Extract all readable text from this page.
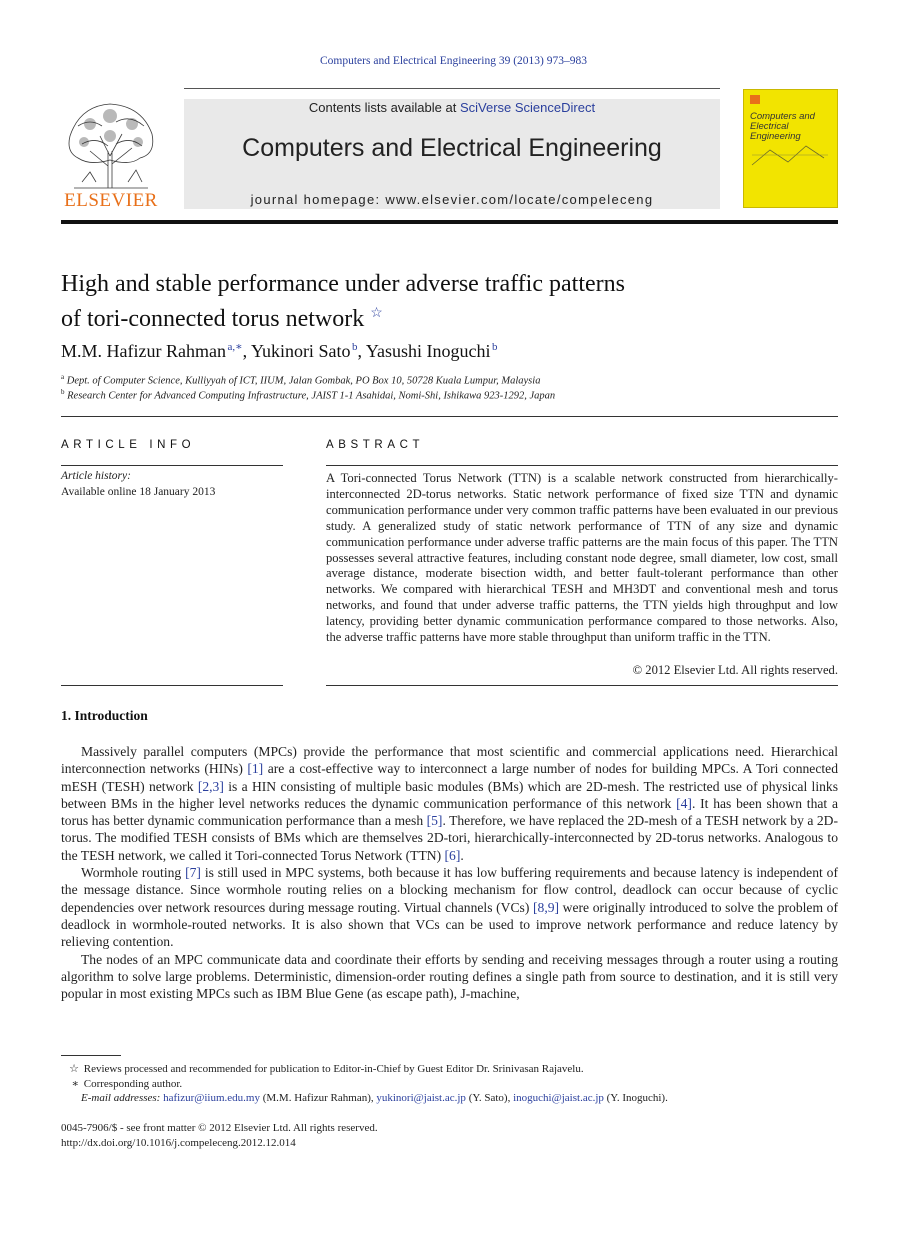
Computers and Electrical Engineering 39 (2013) 973–983
ELSEVIER
Contents lists available at SciVerse ScienceDirect
Computers and Electrical Engineering
journal homepage: www.elsevier.com/locate/compeleceng
Computers and Electrical Engineering
High and stable performance under adverse traffic patterns
of tori-connected torus network ☆
M.M. Hafizur Rahman  $^{a,∗}$, Yukinori Sato  $^b$, Yasushi Inoguchi  $^b$
$^a$ Dept. of Computer Science, Kulliyyah of ICT, IIUM, Jalan Gombak, PO Box 10, 50728 Kuala Lumpur, Malaysia
$^b$ Research Center for Advanced Computing Infrastructure, JAIST 1-1 Asahidai, Nomi-Shi, Ishikawa 923-1292, Japan
ARTICLE INFO
Article history:
Available online 18 January 2013
ABSTRACT
A Tori-connected Torus Network (TTN) is a scalable network constructed from hierarchically-interconnected 2D-torus networks. Static network performance of fixed size TTN and dynamic communication performance under very common traffic patterns have been evaluated in our previous study. A generalized study of static network performance of TTN of any size and dynamic communication performance under adverse traffic patterns are the main focus of this paper. The TTN possesses several attractive features, including constant node degree, small diameter, low cost, small average distance, moderate bisection width, and better fault-tolerant performance than other networks. We compared with hierarchical TESH and MH3DT and conventional mesh and torus networks, and found that under adverse traffic patterns, the TTN yields high throughput and low latency, providing better dynamic communication performance compared to those networks. Also, the adverse traffic patterns have more stable throughput than uniform traffic in the TTN.
© 2012 Elsevier Ltd. All rights reserved.
1. Introduction

Massively parallel computers (MPCs) provide the performance that most scientific and commercial applications need. Hierarchical interconnection networks (HINs) [1] are a cost-effective way to interconnect a large number of nodes for building MPCs. A Tori connected mESH (TESH) network [2,3] is a HIN consisting of multiple basic modules (BMs) which are 2D-mesh. The restricted use of physical links between BMs in the higher level networks reduces the dynamic communication performance of this network [4]. It has been shown that a torus has better dynamic communication performance than a mesh [5]. Therefore, we have replaced the 2D-mesh of a TESH network by a 2D-torus. The modified TESH consists of BMs which are themselves 2D-tori, hierarchically-interconnected by 2D-torus networks. Analogous to the TESH network, we called it Tori-connected Torus Network (TTN) [6].

Wormhole routing [7] is still used in MPC systems, both because it has low buffering requirements and because latency is independent of the message distance. Since wormhole routing relies on a blocking mechanism for flow control, deadlock can occur because of cyclic dependencies over network resources during message routing. Virtual channels (VCs) [8,9] were originally introduced to solve the problem of deadlock in wormhole-routed networks. It is also shown that VCs can be used to improve network performance and reduce latency by relieving contention.

The nodes of an MPC communicate data and coordinate their efforts by sending and receiving messages through a router using a routing algorithm to solve large problems. Deterministic, dimension-order routing defines a single path from source to destination, and it is still very popular in most existing MPCs such as IBM Blue Gene (as escape path), J-machine,

☆ Reviews processed and recommended for publication to Editor-in-Chief by Guest Editor Dr. Srinivasan Rajavelu.
∗ Corresponding author.
E-mail addresses: hafizur@iium.edu.my (M.M. Hafizur Rahman), yukinori@jaist.ac.jp (Y. Sato), inoguchi@jaist.ac.jp (Y. Inoguchi).
0045-7906/$ - see front matter © 2012 Elsevier Ltd. All rights reserved.
http://dx.doi.org/10.1016/j.compeleceng.2012.12.014
